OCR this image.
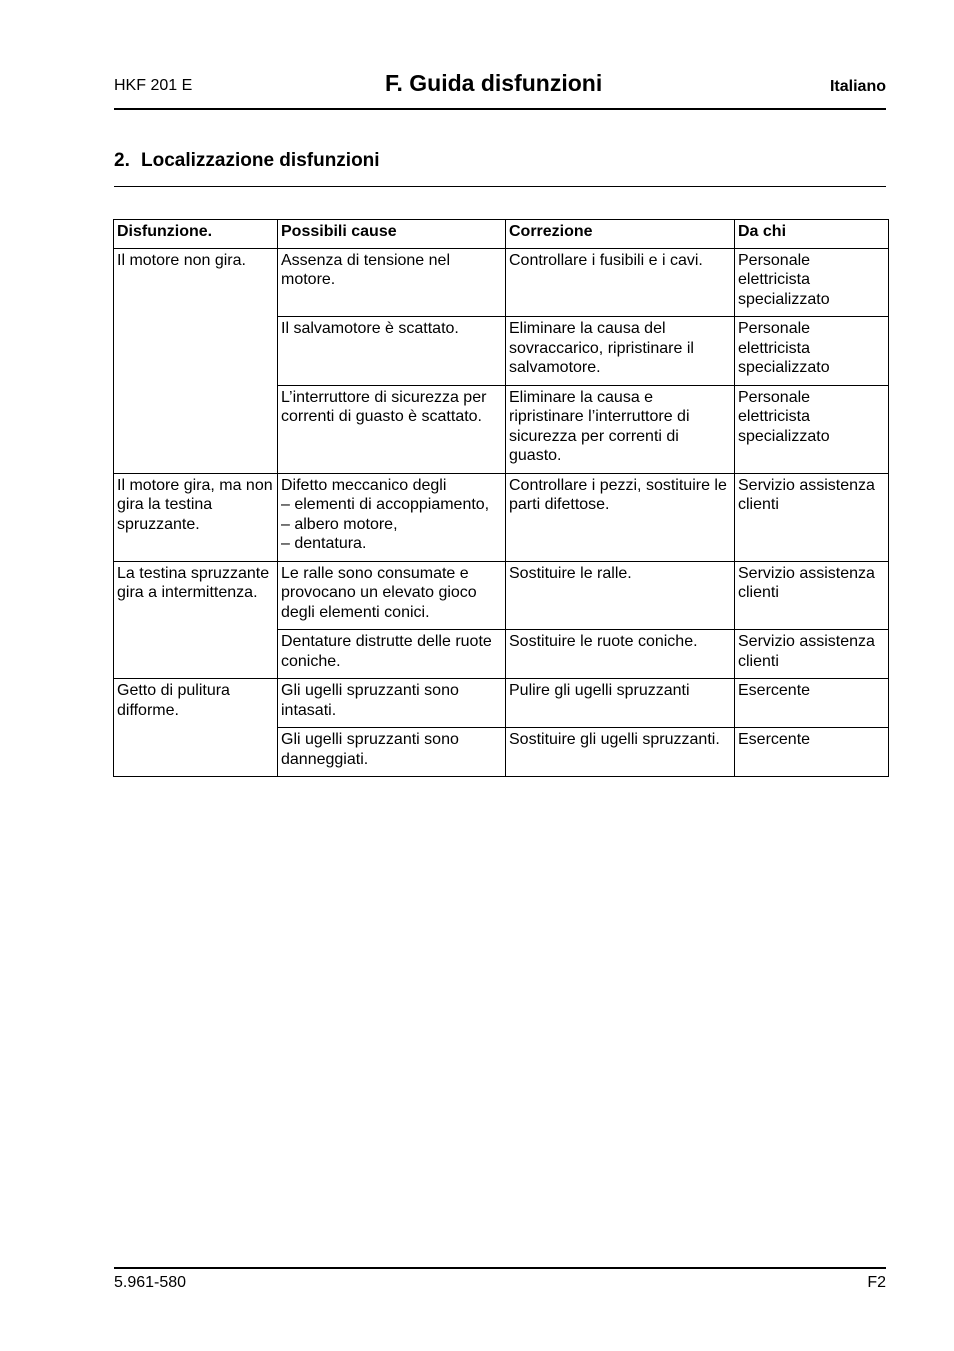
HKF 201 E	F. Guida disfunzioni	Italiano
2. Localizzazione disfunzioni
Disfunzione.	Possibili cause	Correzione	Da chi
Il motore non gira.	Assenza di tensione nel motore.	Controllare i fusibili e i cavi.	Personale elettricista specializzato
	Il salvamotore è scattato.	Eliminare la causa del sovraccarico, ripristinare il salvamotore.	Personale elettricista specializzato
	L’interruttore di sicurezza per correnti di guasto è scattato.	Eliminare la causa e ripristinare l’interruttore di sicurezza per correnti di guasto.	Personale elettricista specializzato
Il motore gira, ma non gira la testina spruzzante.	Difetto meccanico degli
– elementi di accoppiamento,
– albero motore,
– dentatura.	Controllare i pezzi, sostituire le parti difettose.	Servizio assistenza clienti
La testina spruzzante gira a intermittenza.	Le ralle sono consumate e provocano un elevato gioco degli elementi conici.	Sostituire le ralle.	Servizio assistenza clienti
	Dentature distrutte delle ruote coniche.	Sostituire le ruote coniche.	Servizio assistenza clienti
Getto di pulitura difforme.	Gli ugelli spruzzanti sono intasati.	Pulire gli ugelli spruzzanti	Esercente
	Gli ugelli spruzzanti sono danneggiati.	Sostituire gli ugelli spruzzanti.	Esercente
5.961-580	F2
